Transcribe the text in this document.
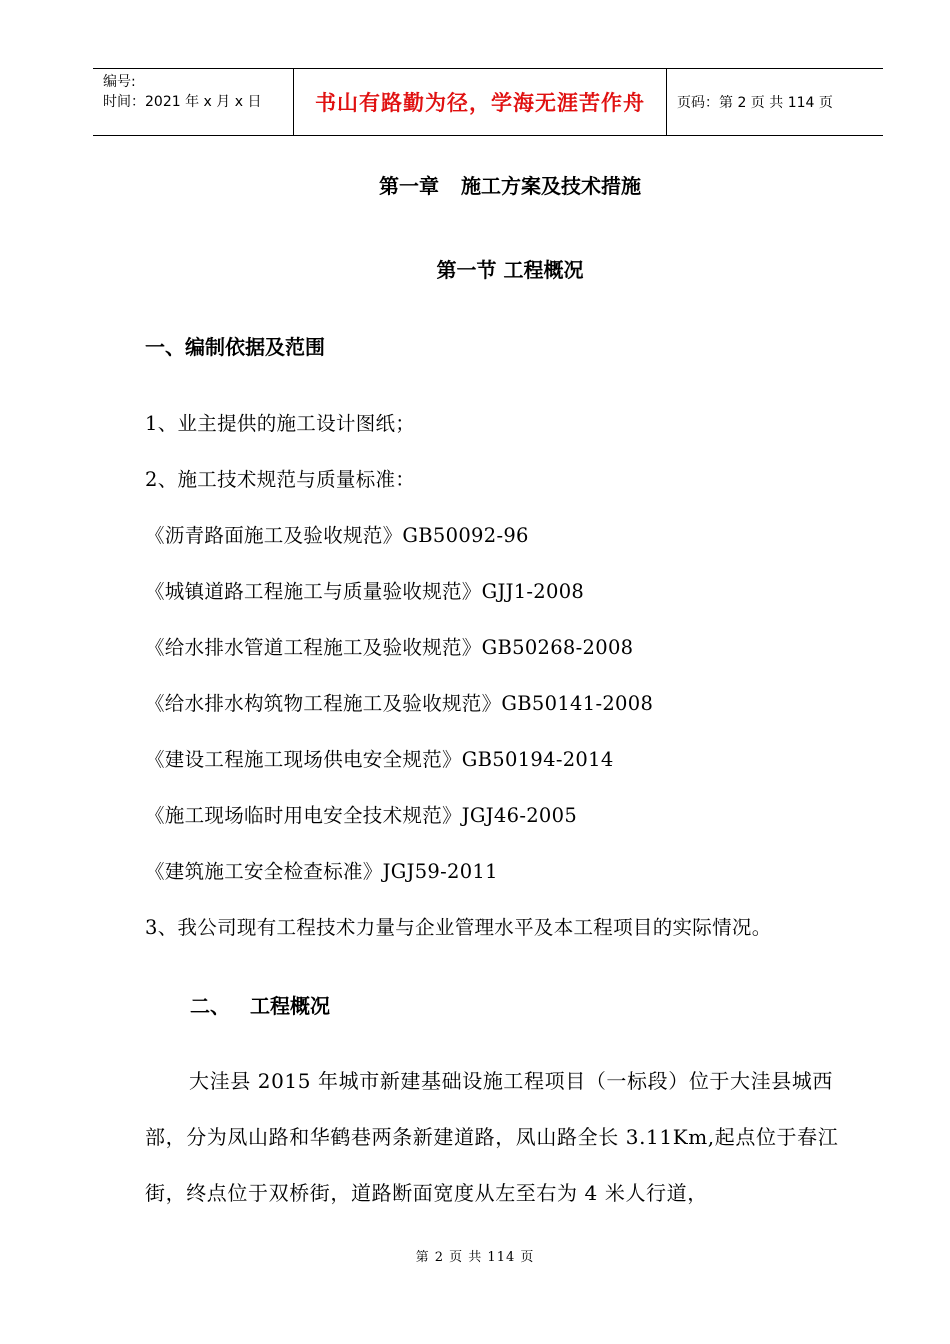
编号:
时间：2021 年 x 月 x 日	书山有路勤为径，学海无涯苦作舟	页码：第 2 页 共 114 页
第一章 施工方案及技术措施
第一节 工程概况
一、编制依据及范围
1、业主提供的施工设计图纸；
2、施工技术规范与质量标准：
《沥青路面施工及验收规范》GB50092-96
《城镇道路工程施工与质量验收规范》GJJ1-2008
《给水排水管道工程施工及验收规范》GB50268-2008
《给水排水构筑物工程施工及验收规范》GB50141-2008
《建设工程施工现场供电安全规范》GB50194-2014
《施工现场临时用电安全技术规范》JGJ46-2005
《建筑施工安全检查标准》JGJ59-2011
3、我公司现有工程技术力量与企业管理水平及本工程项目的实际情况。
二、 工程概况
大洼县 2015 年城市新建基础设施工程项目（一标段）位于大洼县城西部，分为凤山路和华鹤巷两条新建道路，凤山路全长 3.11Km,起点位于春江街，终点位于双桥街，道路断面宽度从左至右为 4 米人行道，
第 2 页 共 114 页
